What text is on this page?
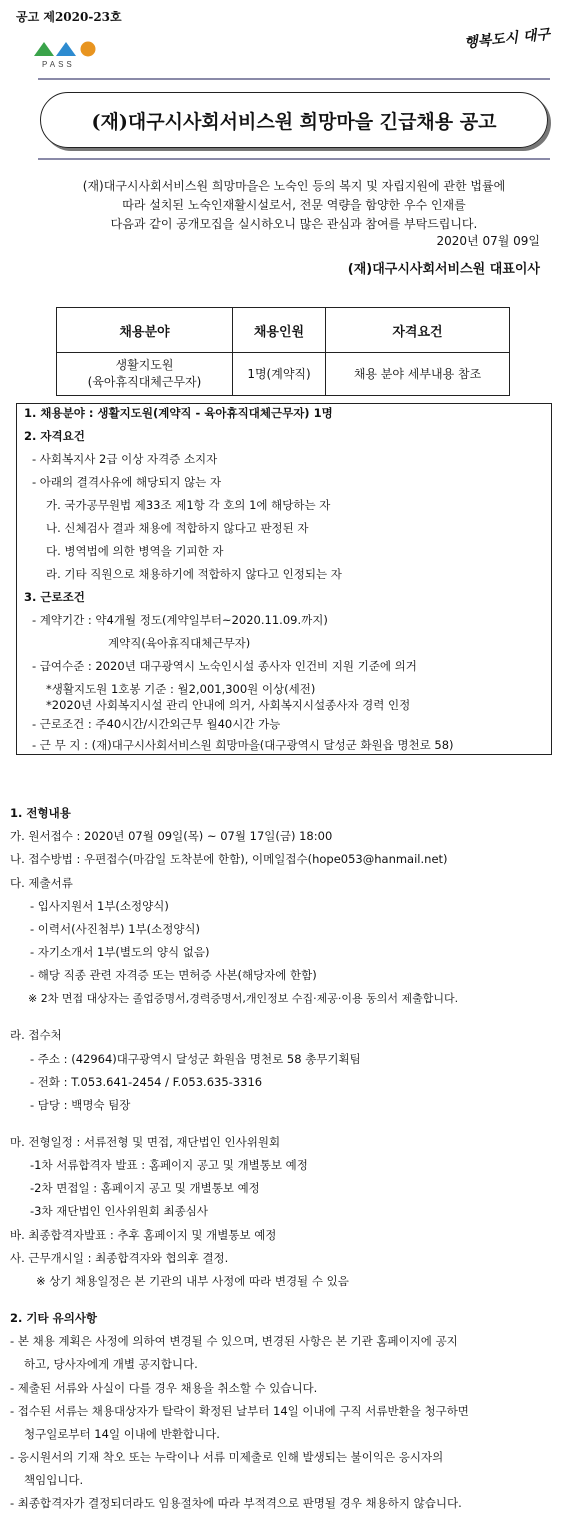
공고 제2020-23호
PASS
행복도시 대구
(재)대구시사회서비스원 희망마을 긴급채용 공고
(재)대구시사회서비스원 희망마을은 노숙인 등의 복지 및 자립지원에 관한 법률에
따라 설치된 노숙인재활시설로서, 전문 역량을 함양한 우수 인재를
다음과 같이 공개모집을 실시하오니 많은 관심과 참여를 부탁드립니다.
2020년 07월 09일
(재)대구시사회서비스원 대표이사
채용분야	채용인원	자격요건

생활지도원
(육아휴직대체근무자)	1명(계약직)	채용 분야 세부내용 참조
1. 채용분야 : 생활지도원(계약직 - 육아휴직대체근무자) 1명
2. 자격요건
- 사회복지사 2급 이상 자격증 소지자
- 아래의 결격사유에 해당되지 않는 자
가. 국가공무원법 제33조 제1항 각 호의 1에 해당하는 자
나. 신체검사 결과 채용에 적합하지 않다고 판정된 자
다. 병역법에 의한 병역을 기피한 자
라. 기타 직원으로 채용하기에 적합하지 않다고 인정되는 자
3. 근로조건
- 계약기간 : 약4개월 정도(계약일부터~2020.11.09.까지)
계약직(육아휴직대체근무자)
- 급여수준 : 2020년 대구광역시 노숙인시설 종사자 인건비 지원 기준에 의거
*생활지도원 1호봉 기준 : 월2,001,300원 이상(세전)
*2020년 사회복지시설 관리 안내에 의거, 사회복지시설종사자 경력 인정
- 근로조건 : 주40시간/시간외근무 월40시간 가능
- 근 무 지 : (재)대구시사회서비스원 희망마을(대구광역시 달성군 화원읍 명천로 58)
1. 전형내용
가. 원서접수 : 2020년 07월 09일(목) ~ 07월 17일(금) 18:00
나. 접수방법 : 우편접수(마감일 도착분에 한함), 이메일접수(hope053@hanmail.net)
다. 제출서류
- 입사지원서 1부(소정양식)
- 이력서(사진첨부) 1부(소정양식)
- 자기소개서 1부(별도의 양식 없음)
- 해당 직종 관련 자격증 또는 면허증 사본(해당자에 한함)
※ 2차 면접 대상자는 졸업증명서,경력증명서,개인정보 수집·제공·이용 동의서 제출합니다.
라. 접수처
- 주소 : (42964)대구광역시 달성군 화원읍 명천로 58 총무기획팀
- 전화 : T.053.641-2454 / F.053.635-3316
- 담당 : 백명숙 팀장
마. 전형일정 : 서류전형 및 면접, 재단법인 인사위원회
-1차 서류합격자 발표 : 홈페이지 공고 및 개별통보 예정
-2차 면접일 : 홈페이지 공고 및 개별통보 예정
-3차 재단법인 인사위원회 최종심사
바. 최종합격자발표 : 추후 홈페이지 및 개별통보 예정
사. 근무개시일 : 최종합격자와 협의후 결정.
※ 상기 채용일정은 본 기관의 내부 사정에 따라 변경될 수 있음
2. 기타 유의사항
- 본 채용 계획은 사정에 의하여 변경될 수 있으며, 변경된 사항은 본 기관 홈페이지에 공지
하고, 당사자에게 개별 공지합니다.
- 제출된 서류와 사실이 다를 경우 채용을 취소할 수 있습니다.
- 접수된 서류는 채용대상자가 탈락이 확정된 날부터 14일 이내에 구직 서류반환을 청구하면
청구일로부터 14일 이내에 반환합니다.
- 응시원서의 기재 착오 또는 누락이나 서류 미제출로 인해 발생되는 불이익은 응시자의
책임입니다.
- 최종합격자가 결정되더라도 임용절차에 따라 부적격으로 판명될 경우 채용하지 않습니다.
